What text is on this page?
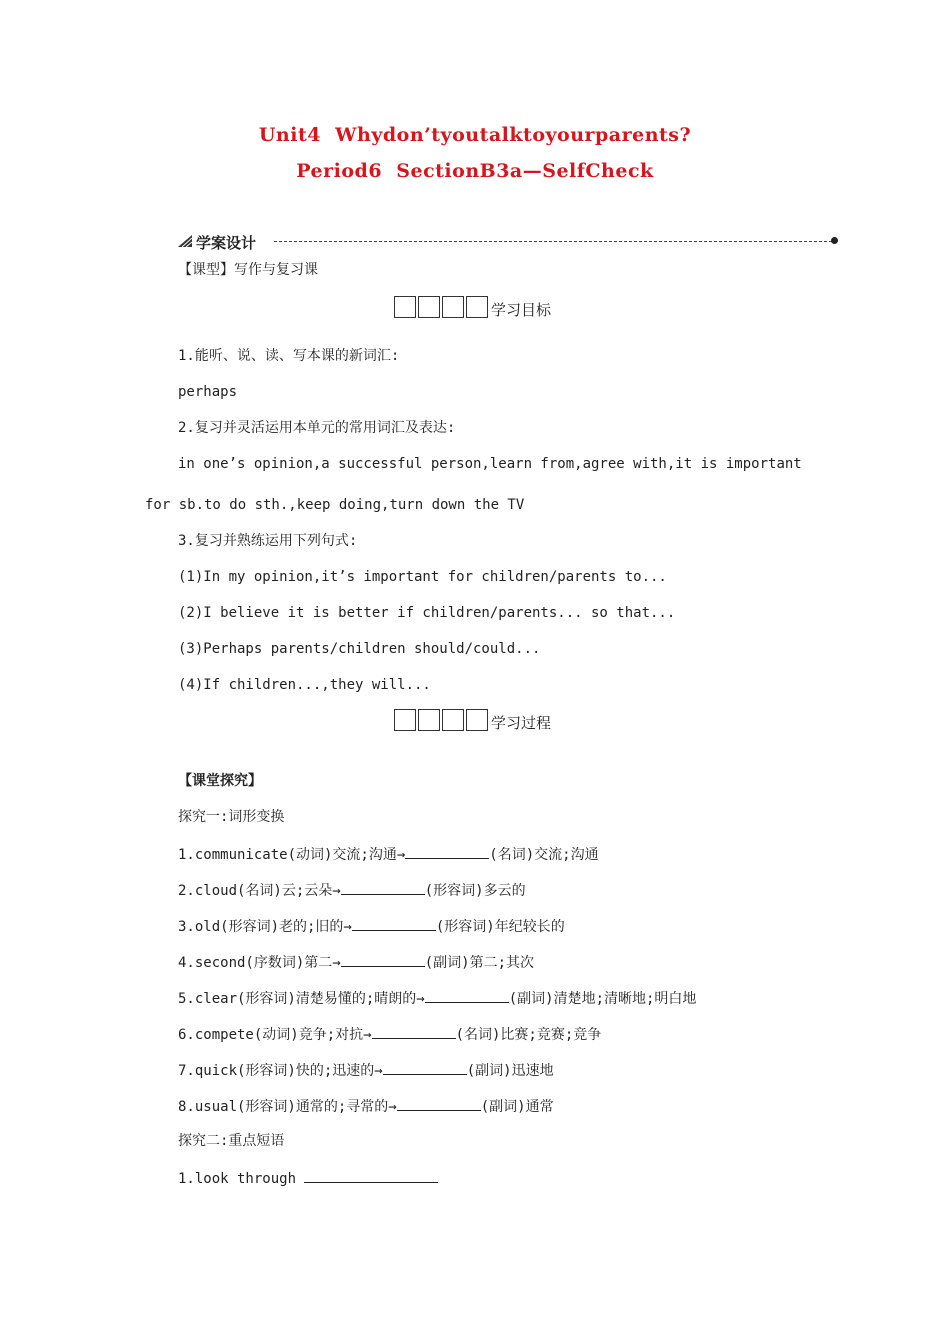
Unit4  Whydon’tyoutalktoyourparents?
Period6  SectionB3a—SelfCheck
学案设计
【课型】写作与复习课
学习目标
1.能听、说、读、写本课的新词汇:
perhaps
2.复习并灵活运用本单元的常用词汇及表达:
in one’s opinion,a successful person,learn from,agree with,it is important
for sb.to do sth.,keep doing,turn down the TV
3.复习并熟练运用下列句式:
(1)In my opinion,it’s important for children/parents to...
(2)I believe it is better if children/parents... so that...
(3)Perhaps parents/children should/could...
(4)If children...,they will...
学习过程
【课堂探究】
探究一:词形变换
1.communicate(动词)交流;沟通→	(名词)交流;沟通
2.cloud(名词)云;云朵→	(形容词)多云的
3.old(形容词)老的;旧的→	(形容词)年纪较长的
4.second(序数词)第二→	(副词)第二;其次
5.clear(形容词)清楚易懂的;晴朗的→	(副词)清楚地;清晰地;明白地
6.compete(动词)竞争;对抗→	(名词)比赛;竞赛;竞争
7.quick(形容词)快的;迅速的→	(副词)迅速地
8.usual(形容词)通常的;寻常的→	(副词)通常
探究二:重点短语
1.look through
